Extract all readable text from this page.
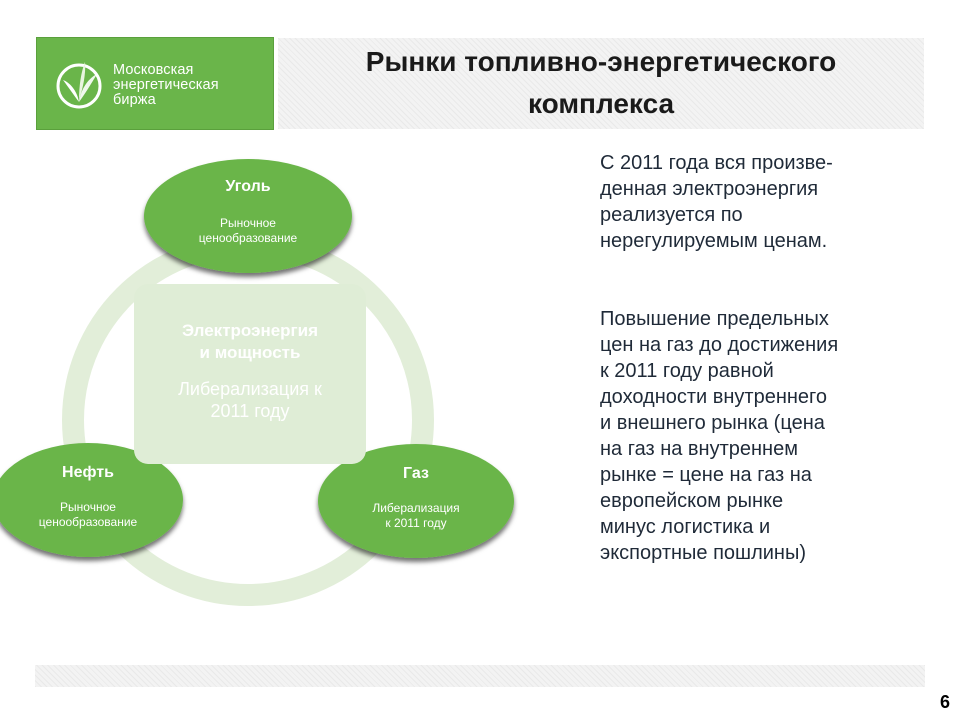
Московская
энергетическая
биржа
Рынки топливно-энергетического
комплекса
Электроэнергия
и мощность
Либерализация к
2011 году
Уголь
Рыночное
ценообразование
Нефть
Рыночное
ценообразование
Газ
Либерализация
к 2011 году

С 2011 года вся произве-
денная электроэнергия
реализуется по
нерегулируемым ценам.

Повышение предельных
цен на газ до достижения
к 2011 году равной
доходности внутреннего
и внешнего рынка (цена
на газ на внутреннем
рынке = цене на газ на
европейском рынке
минус логистика и
экспортные пошлины)

6
